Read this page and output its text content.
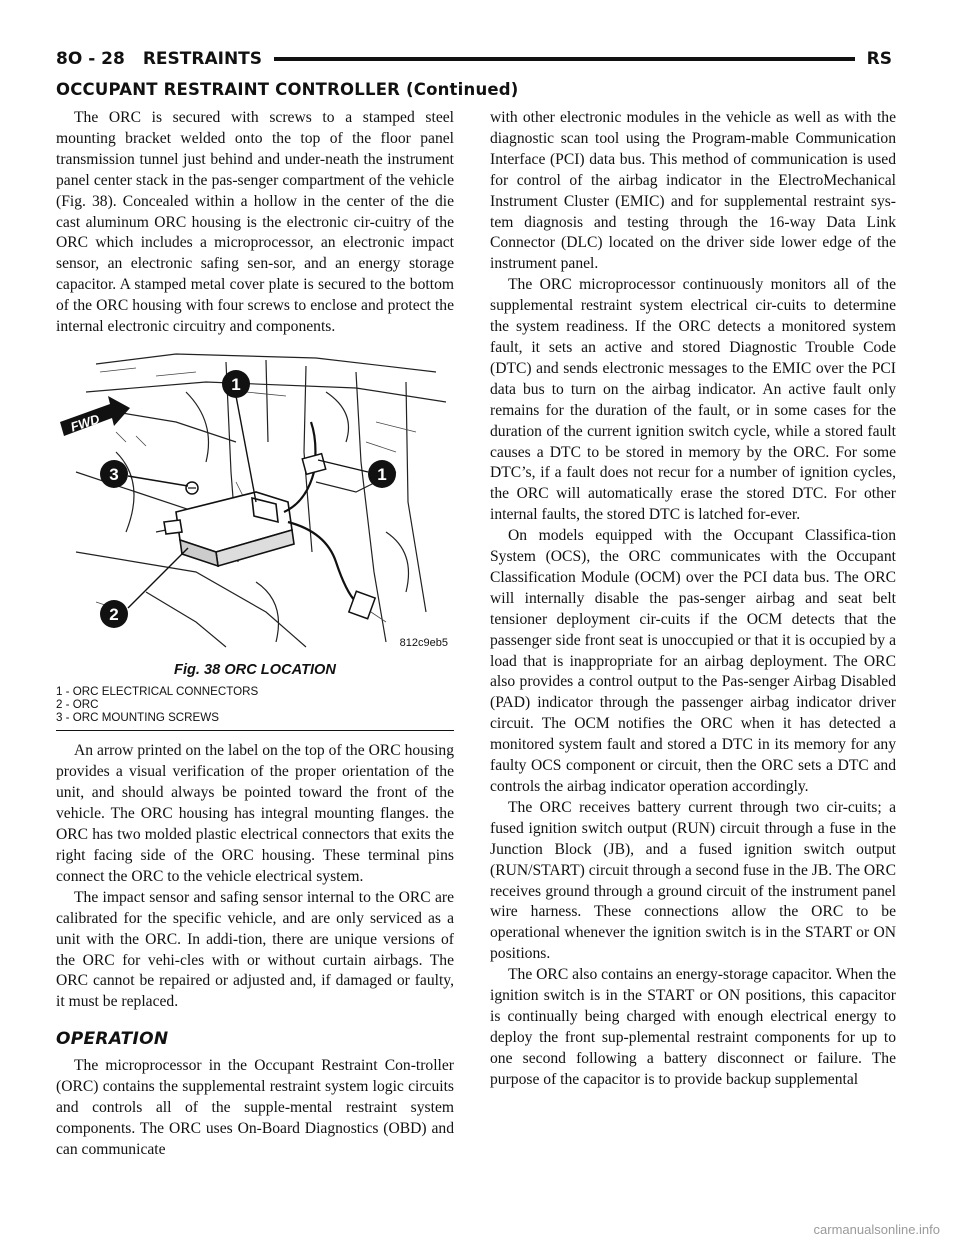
8O - 28 RESTRAINTS	RS
OCCUPANT RESTRAINT CONTROLLER (Continued)

The ORC is secured with screws to a stamped steel mounting bracket welded onto the top of the floor panel transmission tunnel just behind and under-neath the instrument panel center stack in the pas-senger compartment of the vehicle (Fig. 38). Concealed within a hollow in the center of the die cast aluminum ORC housing is the electronic cir-cuitry of the ORC which includes a microprocessor, an electronic impact sensor, an electronic safing sen-sor, and an energy storage capacitor. A stamped metal cover plate is secured to the bottom of the ORC housing with four screws to enclose and protect the internal electronic circuitry and components.

FWD
1
1
3
2
812c9eb5
Fig. 38 ORC LOCATION
1 - ORC ELECTRICAL CONNECTORS
2 - ORC
3 - ORC MOUNTING SCREWS

An arrow printed on the label on the top of the ORC housing provides a visual verification of the proper orientation of the unit, and should always be pointed toward the front of the vehicle. The ORC housing has integral mounting flanges. the ORC has two molded plastic electrical connectors that exits the right facing side of the ORC housing. These terminal pins connect the ORC to the vehicle electrical system.

The impact sensor and safing sensor internal to the ORC are calibrated for the specific vehicle, and are only serviced as a unit with the ORC. In addi-tion, there are unique versions of the ORC for vehi-cles with or without curtain airbags. The ORC cannot be repaired or adjusted and, if damaged or faulty, it must be replaced.

OPERATION

The microprocessor in the Occupant Restraint Con-troller (ORC) contains the supplemental restraint system logic circuits and controls all of the supple-mental restraint system components. The ORC uses On-Board Diagnostics (OBD) and can communicate

with other electronic modules in the vehicle as well as with the diagnostic scan tool using the Program-mable Communication Interface (PCI) data bus. This method of communication is used for control of the airbag indicator in the ElectroMechanical Instrument Cluster (EMIC) and for supplemental restraint sys-tem diagnosis and testing through the 16-way Data Link Connector (DLC) located on the driver side lower edge of the instrument panel.

The ORC microprocessor continuously monitors all of the supplemental restraint system electrical cir-cuits to determine the system readiness. If the ORC detects a monitored system fault, it sets an active and stored Diagnostic Trouble Code (DTC) and sends electronic messages to the EMIC over the PCI data bus to turn on the airbag indicator. An active fault only remains for the duration of the fault, or in some cases for the duration of the current ignition switch cycle, while a stored fault causes a DTC to be stored in memory by the ORC. For some DTC’s, if a fault does not recur for a number of ignition cycles, the ORC will automatically erase the stored DTC. For other internal faults, the stored DTC is latched for-ever.

On models equipped with the Occupant Classifica-tion System (OCS), the ORC communicates with the Occupant Classification Module (OCM) over the PCI data bus. The ORC will internally disable the pas-senger airbag and seat belt tensioner deployment cir-cuits if the OCM detects that the passenger side front seat is unoccupied or that it is occupied by a load that is inappropriate for an airbag deployment. The ORC also provides a control output to the Pas-senger Airbag Disabled (PAD) indicator through the passenger airbag indicator driver circuit. The OCM notifies the ORC when it has detected a monitored system fault and stored a DTC in its memory for any faulty OCS component or circuit, then the ORC sets a DTC and controls the airbag indicator operation accordingly.

The ORC receives battery current through two cir-cuits; a fused ignition switch output (RUN) circuit through a fuse in the Junction Block (JB), and a fused ignition switch output (RUN/START) circuit through a second fuse in the JB. The ORC receives ground through a ground circuit of the instrument panel wire harness. These connections allow the ORC to be operational whenever the ignition switch is in the START or ON positions.

The ORC also contains an energy-storage capacitor. When the ignition switch is in the START or ON positions, this capacitor is continually being charged with enough electrical energy to deploy the front sup-plemental restraint components for up to one second following a battery disconnect or failure. The purpose of the capacitor is to provide backup supplemental

carmanualsonline.info
